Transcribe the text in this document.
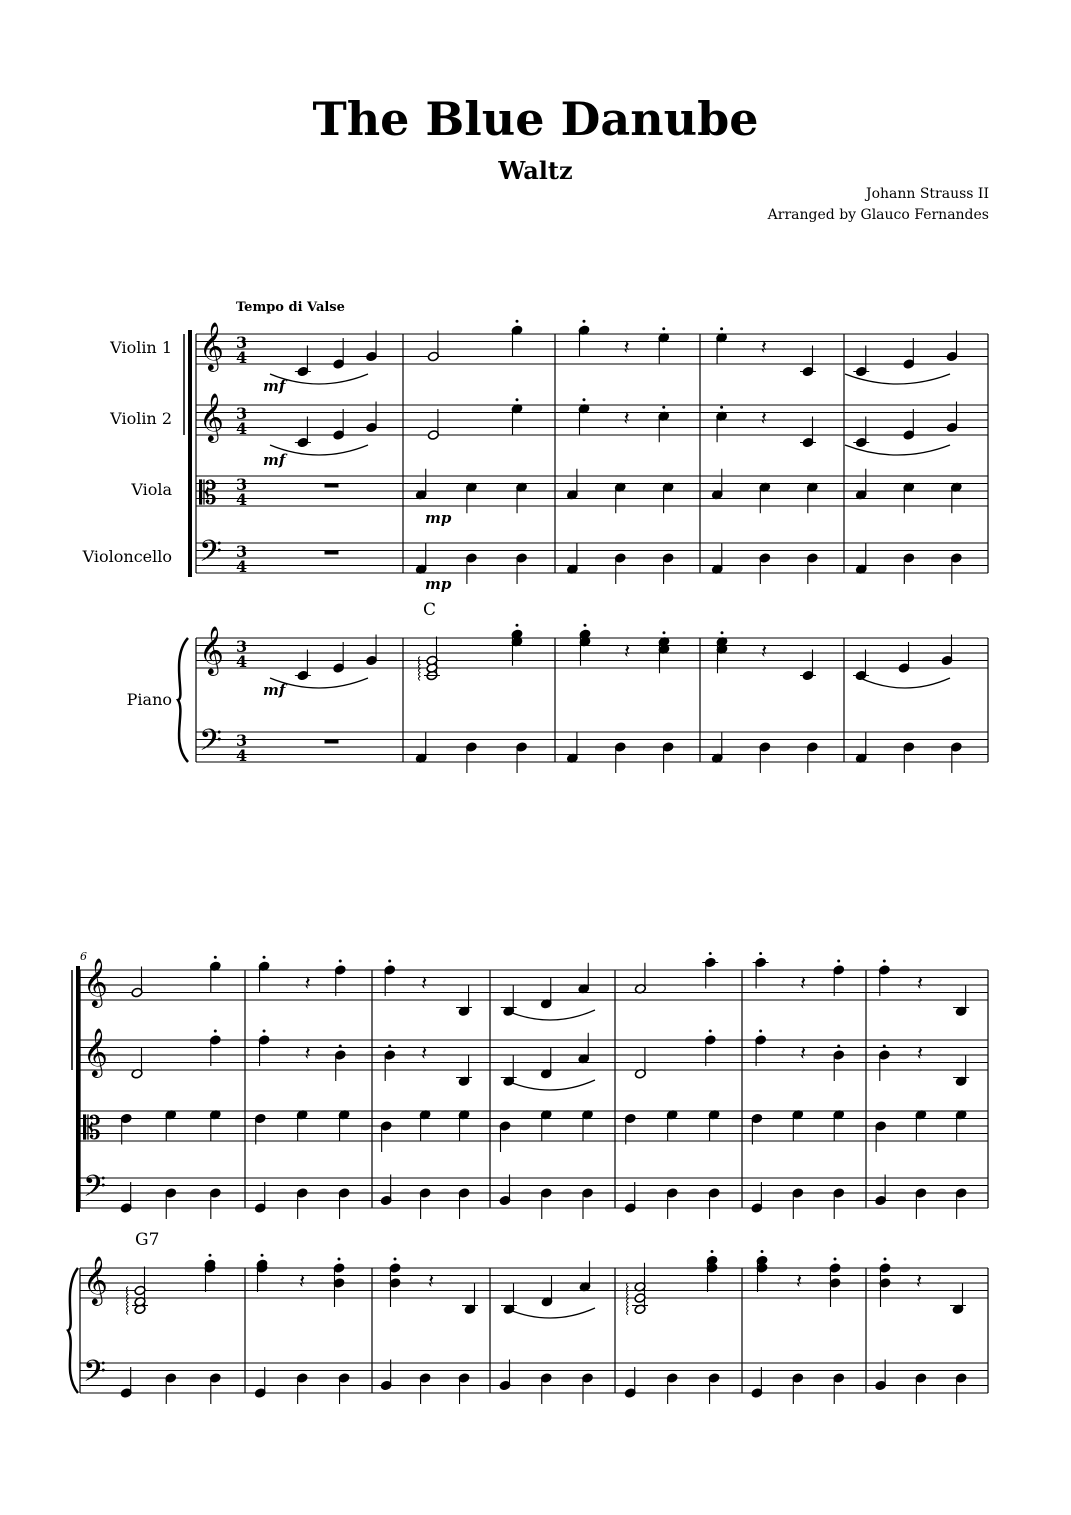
The Blue Danube
Waltz
Johann Strauss II
Arranged by Glauco Fernandes
Violin 1
Violin 2
Viola
Violoncello
Piano
𝄞
𝄞
𝄡
𝄢
𝄞
𝄢
3
4
3
4
3
4
3
4
3
4
3
4
Tempo di Valse
𝄽	𝄽
𝄽	𝄽
mf
mf
mp
mp
C
mf
𝄽	𝄽
6
𝄞
𝄞
𝄡
𝄢
𝄞
𝄢
𝄽	𝄽	𝄽	𝄽
𝄽	𝄽	𝄽	𝄽
G7
𝄽	𝄽	𝄽	𝄽
